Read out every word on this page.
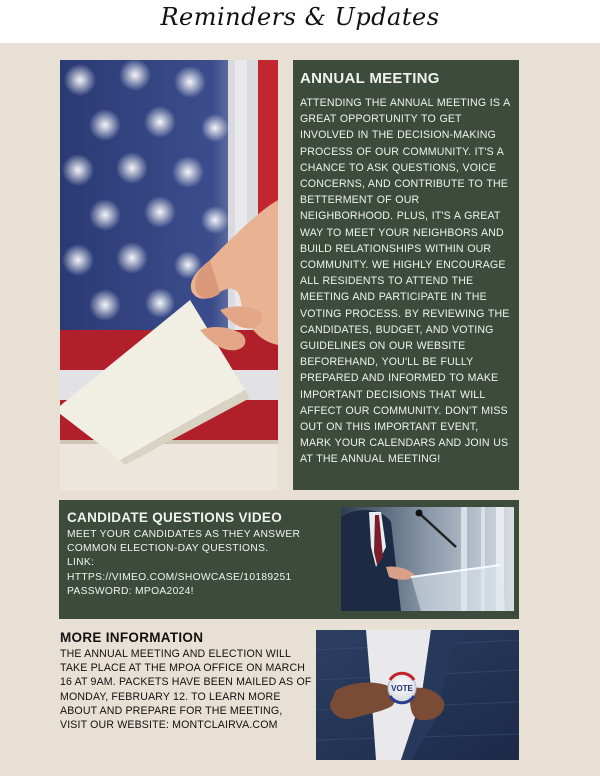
Reminders & Updates
ANNUAL MEETING
ATTENDING THE ANNUAL MEETING IS A GREAT OPPORTUNITY TO GET INVOLVED IN THE DECISION-MAKING PROCESS OF OUR COMMUNITY. IT'S A CHANCE TO ASK QUESTIONS, VOICE CONCERNS, AND CONTRIBUTE TO THE BETTERMENT OF OUR NEIGHBORHOOD. PLUS, IT'S A GREAT WAY TO MEET YOUR NEIGHBORS AND BUILD RELATIONSHIPS WITHIN OUR COMMUNITY. WE HIGHLY ENCOURAGE ALL RESIDENTS TO ATTEND THE MEETING AND PARTICIPATE IN THE VOTING PROCESS. BY REVIEWING THE CANDIDATES, BUDGET, AND VOTING GUIDELINES ON OUR WEBSITE BEFOREHAND, YOU'LL BE FULLY PREPARED AND INFORMED TO MAKE IMPORTANT DECISIONS THAT WILL AFFECT OUR COMMUNITY. DON'T MISS OUT ON THIS IMPORTANT EVENT, MARK YOUR CALENDARS AND JOIN US AT THE ANNUAL MEETING!
CANDIDATE QUESTIONS VIDEO
MEET YOUR CANDIDATES AS THEY ANSWER
COMMON ELECTION-DAY QUESTIONS.
LINK:
HTTPS://VIMEO.COM/SHOWCASE/10189251
PASSWORD: MPOA2024!
MORE INFORMATION
THE ANNUAL MEETING AND ELECTION WILL TAKE PLACE AT THE MPOA OFFICE ON MARCH 16 AT 9AM. PACKETS HAVE BEEN MAILED AS OF MONDAY, FEBRUARY 12. TO LEARN MORE ABOUT AND PREPARE FOR THE MEETING, VISIT OUR WEBSITE: MONTCLAIRVA.COM
VOTE
